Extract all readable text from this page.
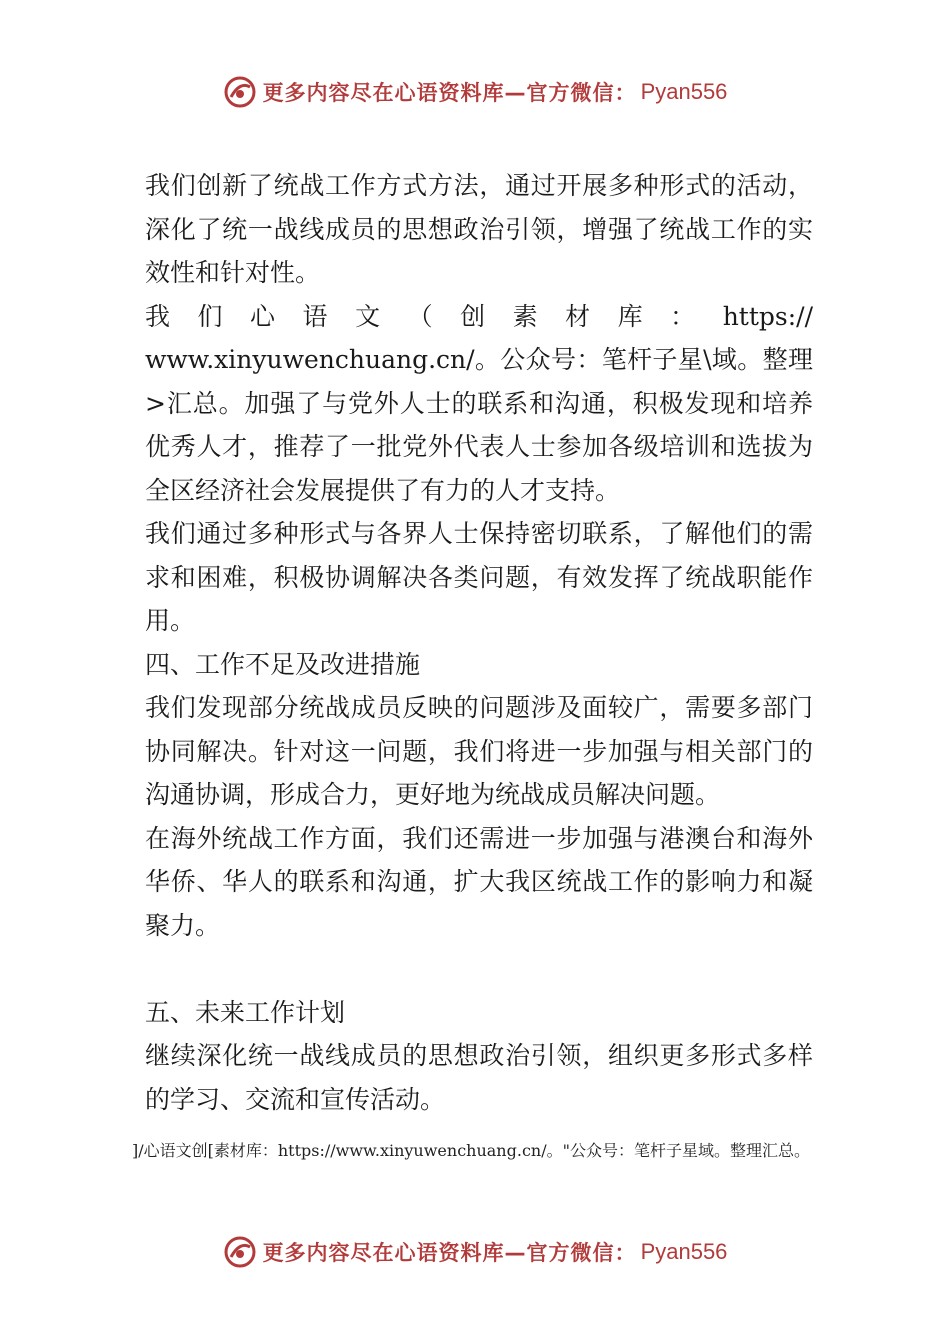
更多内容尽在心语资料库—官方微信： Pyan556

我们创新了统战工作方式方法，通过开展多种形式的活动， 深化了统一战线成员的思想政治引领，增强了统战工作的实效性和针对性。

我们心语文（创素材库：https://

www.xinyuwenchuang.cn/。公众号：笔杆子星\域。整理>汇总。加强了与党外人士的联系和沟通，积极发现和培养优秀人才，推荐了一批党外代表人士参加各级培训和选拔为全区经济社会发展提供了有力的人才支持。

我们通过多种形式与各界人士保持密切联系，了解他们的需求和困难，积极协调解决各类问题，有效发挥了统战职能作用。

四、工作不足及改进措施

我们发现部分统战成员反映的问题涉及面较广，需要多部门协同解决。针对这一问题，我们将进一步加强与相关部门的沟通协调，形成合力，更好地为统战成员解决问题。

在海外统战工作方面，我们还需进一步加强与港澳台和海外华侨、华人的联系和沟通，扩大我区统战工作的影响力和凝聚力。

五、未来工作计划

继续深化统一战线成员的思想政治引领，组织更多形式多样的学习、交流和宣传活动。

]/心语文创[素材库：https://www.xinyuwenchuang.cn/。"公众号：笔杆子星域。整理汇总。
更多内容尽在心语资料库—官方微信： Pyan556
